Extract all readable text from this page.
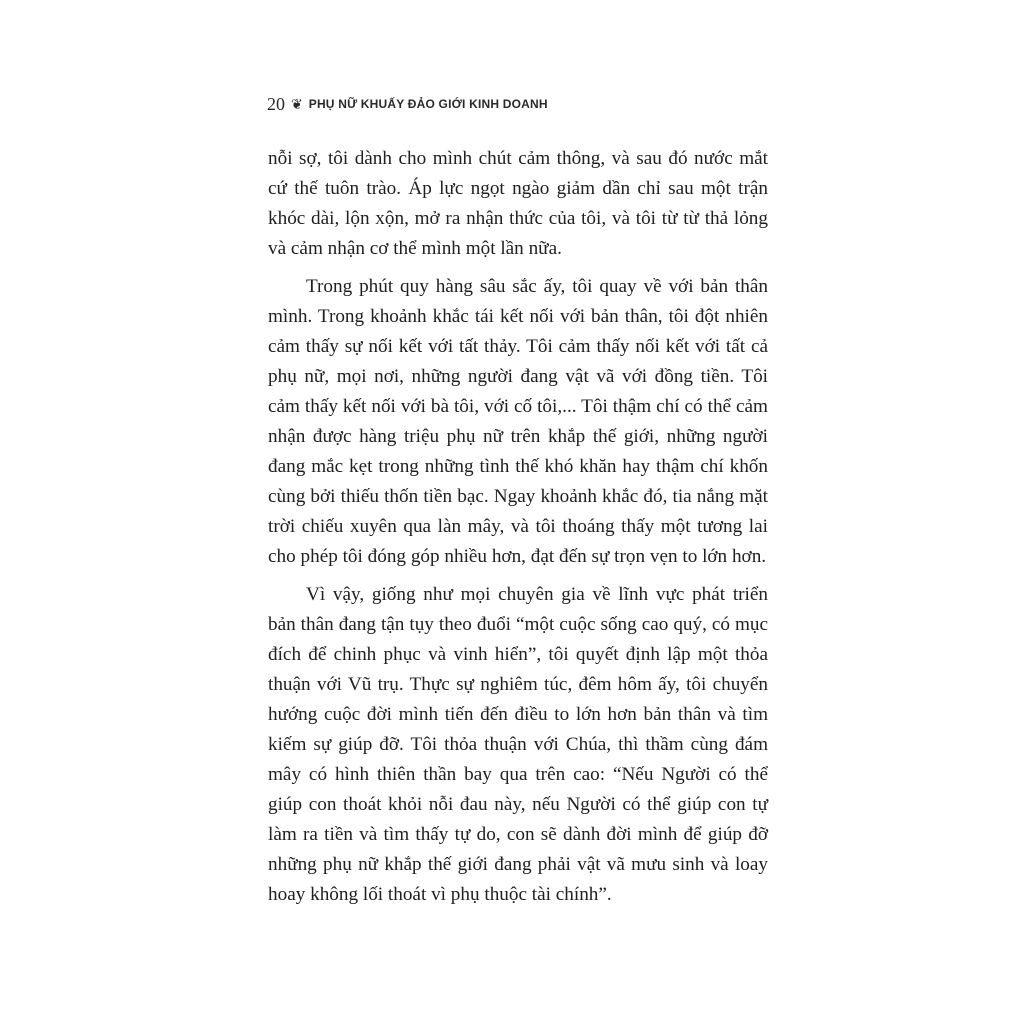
20 ❦ PHỤ NỮ KHUẤY ĐẢO GIỚI KINH DOANH

nỗi sợ, tôi dành cho mình chút cảm thông, và sau đó nước mắt cứ thế tuôn trào. Áp lực ngọt ngào giảm dần chỉ sau một trận khóc dài, lộn xộn, mở ra nhận thức của tôi, và tôi từ từ thả lỏng và cảm nhận cơ thể mình một lần nữa.

Trong phút quy hàng sâu sắc ấy, tôi quay về với bản thân mình. Trong khoảnh khắc tái kết nối với bản thân, tôi đột nhiên cảm thấy sự nối kết với tất thảy. Tôi cảm thấy nối kết với tất cả phụ nữ, mọi nơi, những người đang vật vã với đồng tiền. Tôi cảm thấy kết nối với bà tôi, với cố tôi,... Tôi thậm chí có thể cảm nhận được hàng triệu phụ nữ trên khắp thế giới, những người đang mắc kẹt trong những tình thế khó khăn hay thậm chí khốn cùng bởi thiếu thốn tiền bạc. Ngay khoảnh khắc đó, tia nắng mặt trời chiếu xuyên qua làn mây, và tôi thoáng thấy một tương lai cho phép tôi đóng góp nhiều hơn, đạt đến sự trọn vẹn to lớn hơn.

Vì vậy, giống như mọi chuyên gia về lĩnh vực phát triển bản thân đang tận tụy theo đuổi “một cuộc sống cao quý, có mục đích để chinh phục và vinh hiển”, tôi quyết định lập một thỏa thuận với Vũ trụ. Thực sự nghiêm túc, đêm hôm ấy, tôi chuyển hướng cuộc đời mình tiến đến điều to lớn hơn bản thân và tìm kiếm sự giúp đỡ. Tôi thỏa thuận với Chúa, thì thầm cùng đám mây có hình thiên thần bay qua trên cao: “Nếu Người có thể giúp con thoát khỏi nỗi đau này, nếu Người có thể giúp con tự làm ra tiền và tìm thấy tự do, con sẽ dành đời mình để giúp đỡ những phụ nữ khắp thế giới đang phải vật vã mưu sinh và loay hoay không lối thoát vì phụ thuộc tài chính”.
